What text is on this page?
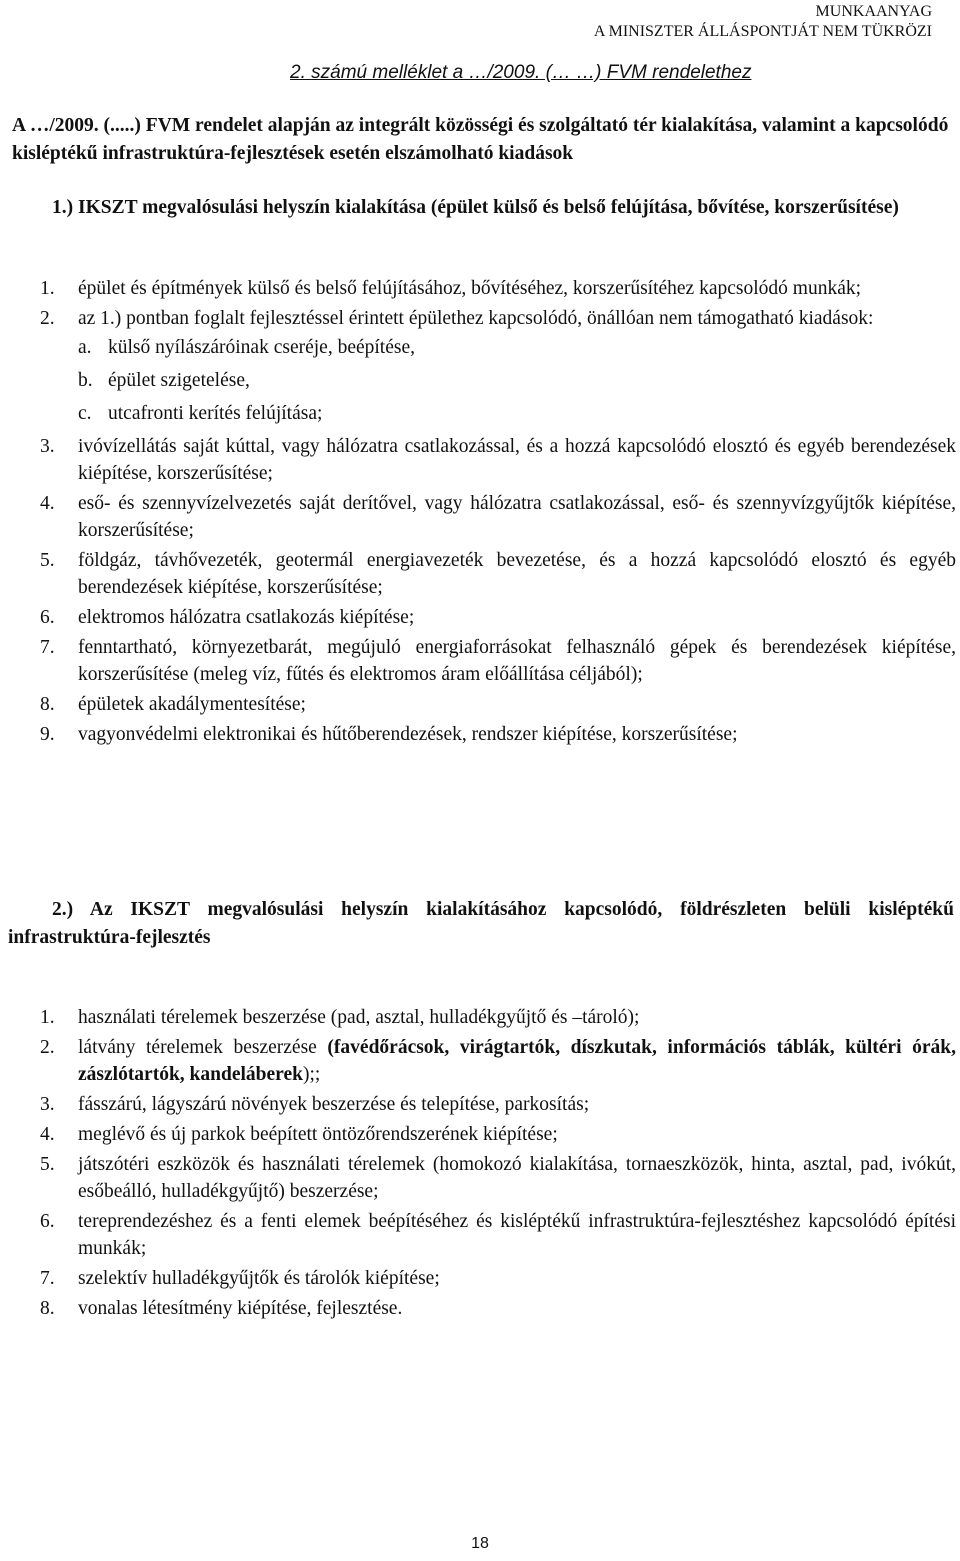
MUNKAANYAG
A MINISZTER ÁLLÁSPONTJÁT NEM TÜKRÖZI
2. számú melléklet a …/2009. (… …) FVM rendelethez
A …/2009. (.....) FVM rendelet alapján az integrált közösségi és szolgáltató tér kialakítása, valamint a kapcsolódó kisléptékű infrastruktúra-fejlesztések esetén elszámolható kiadások
1.) IKSZT megvalósulási helyszín kialakítása (épület külső és belső felújítása, bővítése, korszerűsítése)
1. épület és építmények külső és belső felújításához, bővítéséhez, korszerűsítéhez kapcsolódó munkák;
2. az 1.) pontban foglalt fejlesztéssel érintett épülethez kapcsolódó, önállóan nem támogatható kiadások:
a. külső nyílászáróinak cseréje, beépítése,
b. épület szigetelése,
c. utcafronti kerítés felújítása;
3. ivóvízellátás saját kúttal, vagy hálózatra csatlakozással, és a hozzá kapcsolódó elosztó és egyéb berendezések kiépítése, korszerűsítése;
4. eső- és szennyvízelvezetés saját derítővel, vagy hálózatra csatlakozással, eső- és szennyvízgyűjtők kiépítése, korszerűsítése;
5. földgáz, távhővezeték, geotermál energiavezeték bevezetése, és a hozzá kapcsolódó elosztó és egyéb berendezések kiépítése, korszerűsítése;
6. elektromos hálózatra csatlakozás kiépítése;
7. fenntartható, környezetbarát, megújuló energiaforrásokat felhasználó gépek és berendezések kiépítése, korszerűsítése (meleg víz, fűtés és elektromos áram előállítása céljából);
8. épületek akadálymentesítése;
9. vagyonvédelmi elektronikai és hűtőberendezések, rendszer kiépítése, korszerűsítése;
2.) Az IKSZT megvalósulási helyszín kialakításához kapcsolódó, földrészleten belüli kisléptékű infrastruktúra-fejlesztés
1. használati térelemek beszerzése (pad, asztal, hulladékgyűjtő és –tároló);
2. látvány térelemek beszerzése (favédőrácsok, virágtartók, díszkutak, információs táblák, kültéri órák, zászlótartók, kandeláberek);;
3. fásszárú, lágyszárú növények beszerzése és telepítése, parkosítás;
4. meglévő és új parkok beépített öntözőrendszerének kiépítése;
5. játszótéri eszközök és használati térelemek (homokozó kialakítása, tornaeszközök, hinta, asztal, pad, ivókút, esőbeálló, hulladékgyűjtő) beszerzése;
6. tereprendezéshez és a fenti elemek beépítéséhez és kisléptékű infrastruktúra-fejlesztéshez kapcsolódó építési munkák;
7. szelektív hulladékgyűjtők és tárolók kiépítése;
8. vonalas létesítmény kiépítése, fejlesztése.
18
